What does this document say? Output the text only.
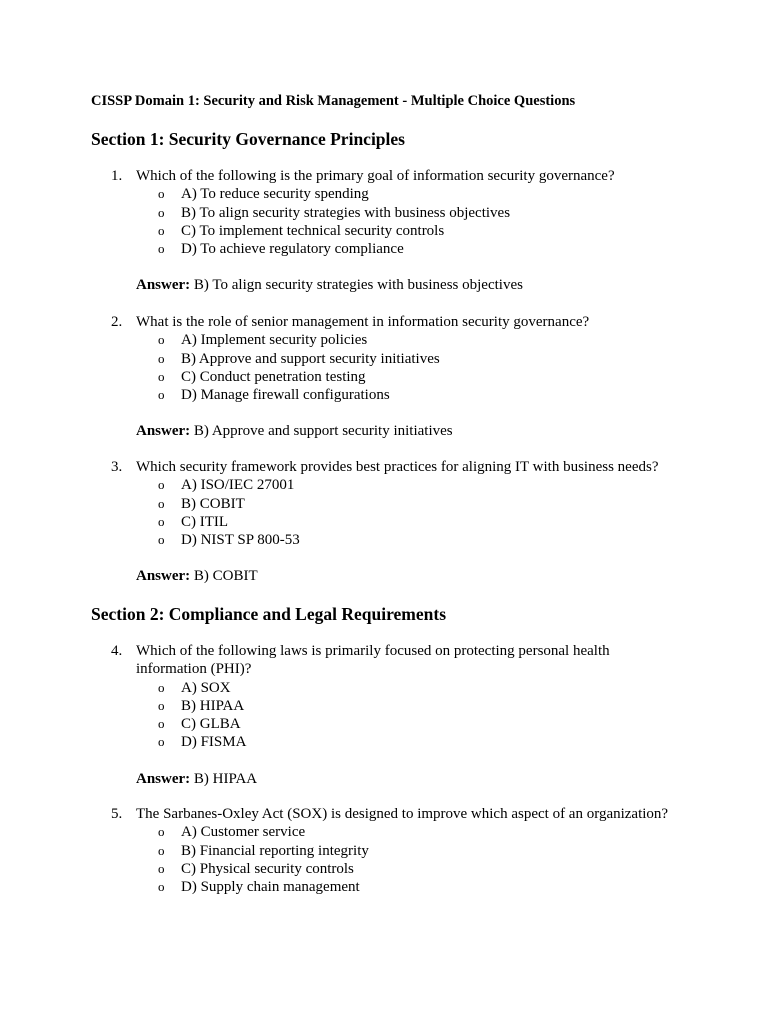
CISSP Domain 1: Security and Risk Management - Multiple Choice Questions
Section 1: Security Governance Principles
1. Which of the following is the primary goal of information security governance?
o A) To reduce security spending
o B) To align security strategies with business objectives
o C) To implement technical security controls
o D) To achieve regulatory compliance
Answer: B) To align security strategies with business objectives
2. What is the role of senior management in information security governance?
o A) Implement security policies
o B) Approve and support security initiatives
o C) Conduct penetration testing
o D) Manage firewall configurations
Answer: B) Approve and support security initiatives
3. Which security framework provides best practices for aligning IT with business needs?
o A) ISO/IEC 27001
o B) COBIT
o C) ITIL
o D) NIST SP 800-53
Answer: B) COBIT
Section 2: Compliance and Legal Requirements
4. Which of the following laws is primarily focused on protecting personal health information (PHI)?
o A) SOX
o B) HIPAA
o C) GLBA
o D) FISMA
Answer: B) HIPAA
5. The Sarbanes-Oxley Act (SOX) is designed to improve which aspect of an organization?
o A) Customer service
o B) Financial reporting integrity
o C) Physical security controls
o D) Supply chain management
